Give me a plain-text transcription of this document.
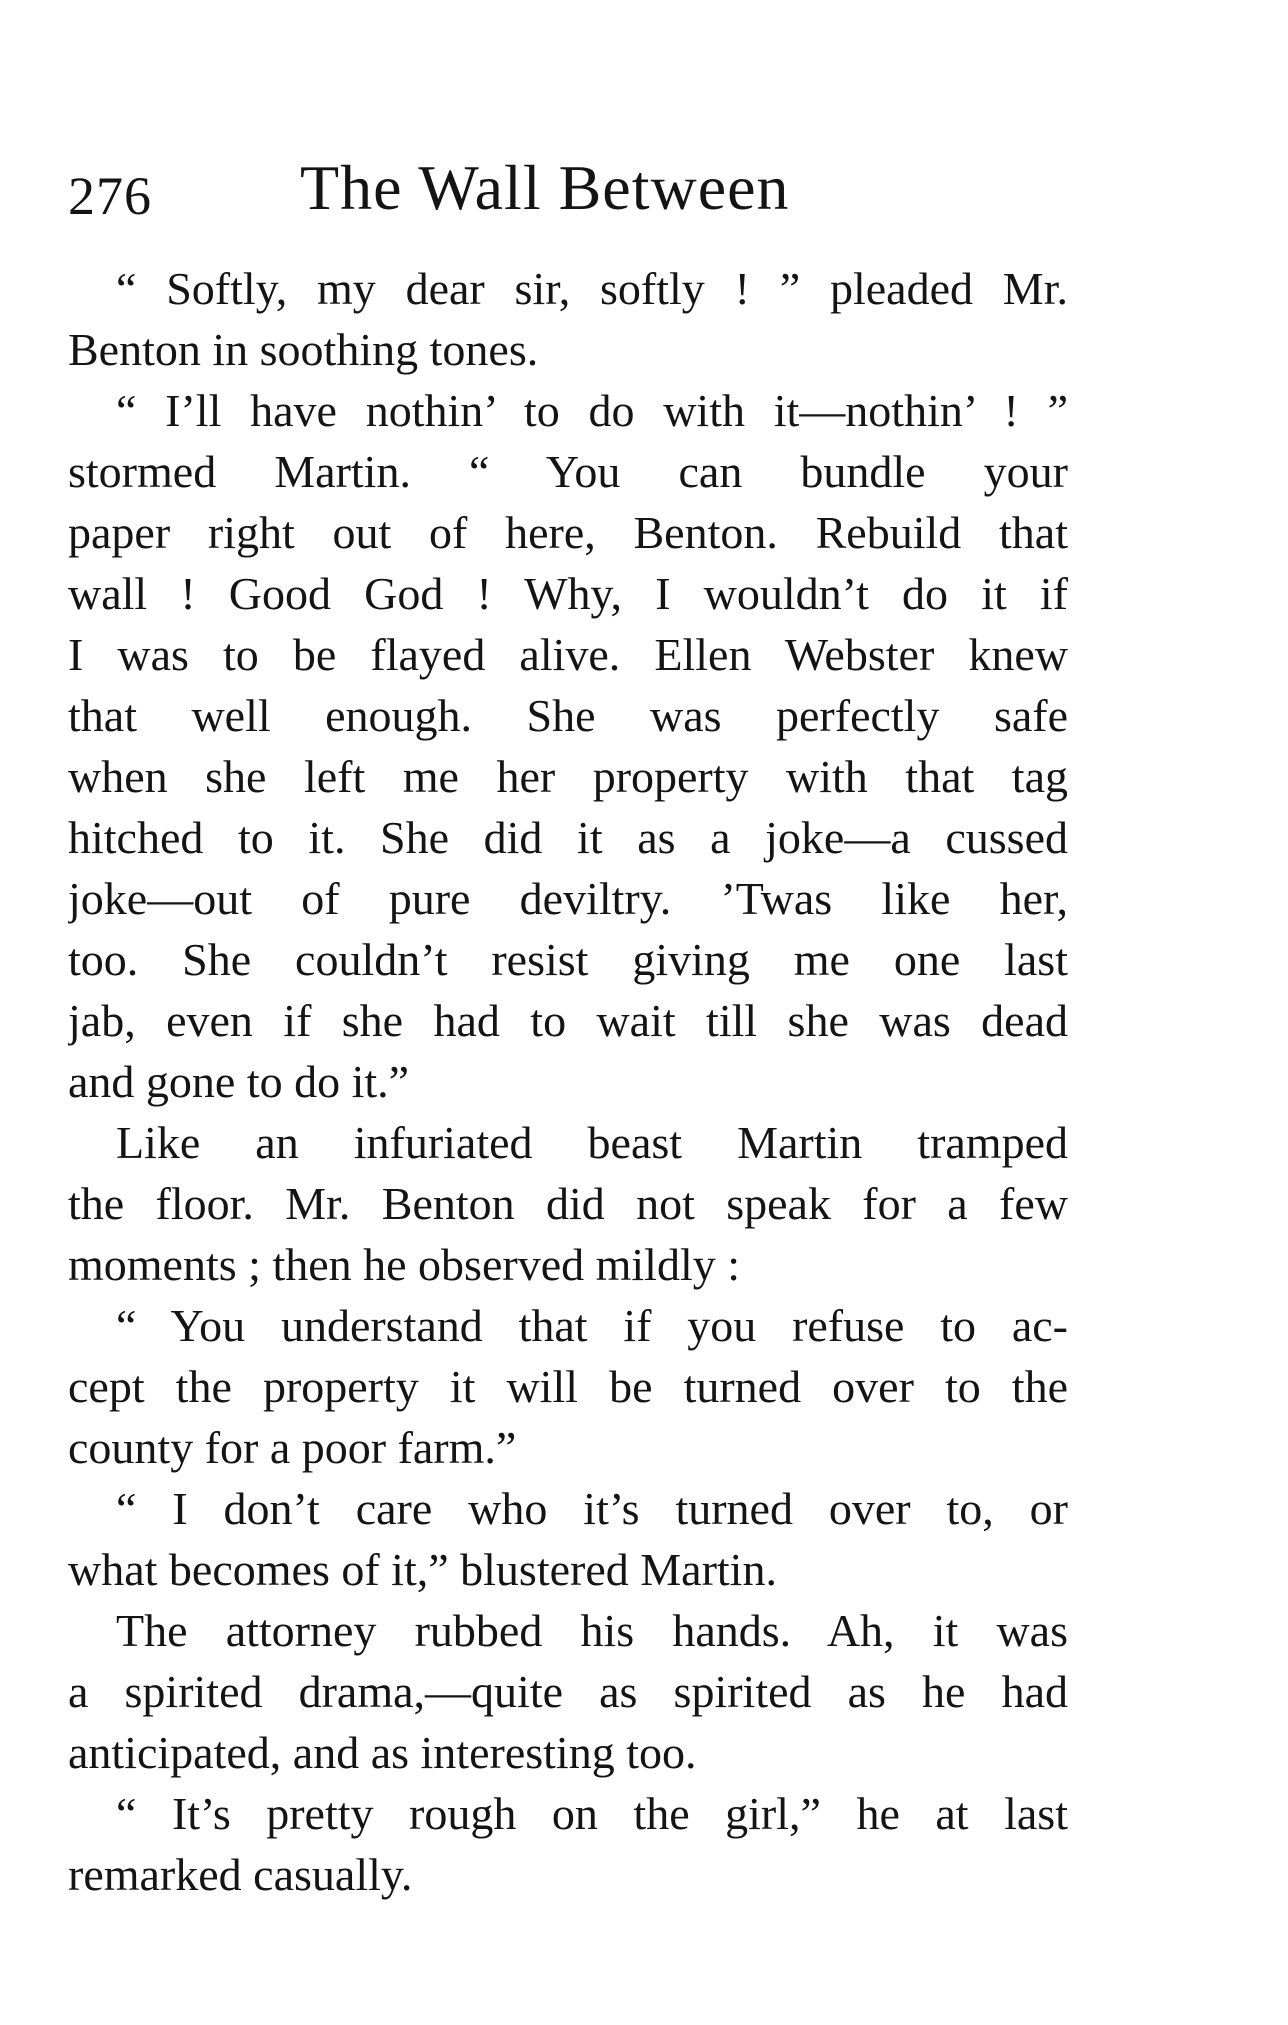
276 The Wall Between
“ Softly, my dear sir, softly ! ” pleaded Mr.
Benton in soothing tones.
“ I’ll have nothin’ to do with it—nothin’ ! ”
stormed Martin. “ You can bundle your
paper right out of here, Benton. Rebuild that
wall ! Good God ! Why, I wouldn’t do it if
I was to be flayed alive. Ellen Webster knew
that well enough. She was perfectly safe
when she left me her property with that tag
hitched to it. She did it as a joke—a cussed
joke—out of pure deviltry. ’Twas like her,
too. She couldn’t resist giving me one last
jab, even if she had to wait till she was dead
and gone to do it.”
Like an infuriated beast Martin tramped
the floor. Mr. Benton did not speak for a few
moments ; then he observed mildly :
“ You understand that if you refuse to ac-
cept the property it will be turned over to the
county for a poor farm.”
“ I don’t care who it’s turned over to, or
what becomes of it,” blustered Martin.
The attorney rubbed his hands. Ah, it was
a spirited drama,—quite as spirited as he had
anticipated, and as interesting too.
“ It’s pretty rough on the girl,” he at last
remarked casually.
